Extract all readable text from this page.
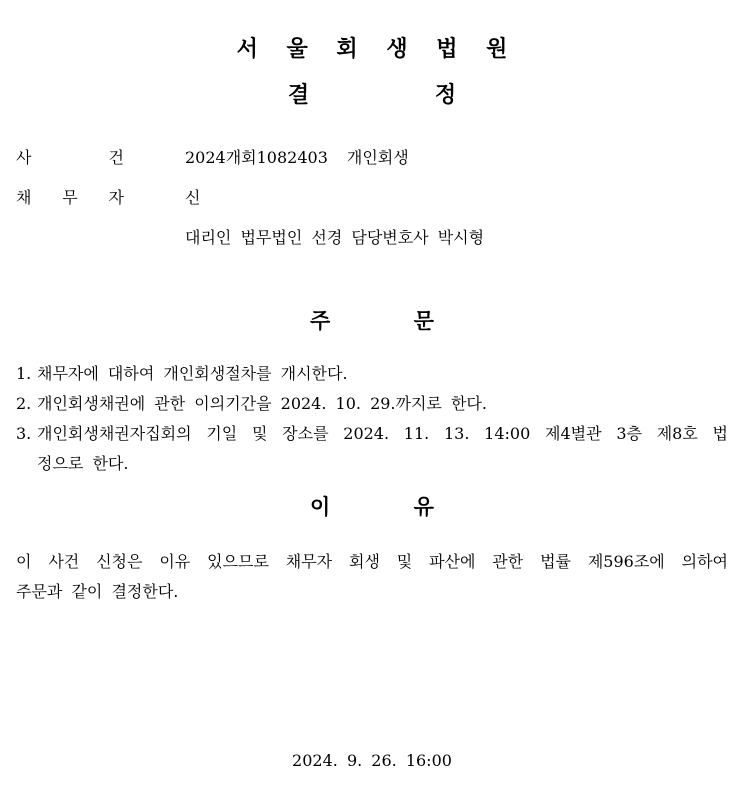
서 울 회 생 법 원
결 정
사 건	2024개회1082403 개인회생
채 무 자	신
대리인 법무법인 선경 담당변호사 박시형
주 문
1. 채무자에 대하여 개인회생절차를 개시한다.
2. 개인회생채권에 관한 이의기간을 2024. 10. 29.까지로 한다.
3. 개인회생채권자집회의 기일 및 장소를 2024. 11. 13. 14:00 제4별관 3층 제8호 법
정으로 한다.
이 유
이 사건 신청은 이유 있으므로 채무자 회생 및 파산에 관한 법률 제596조에 의하여
주문과 같이 결정한다.
2024. 9. 26. 16:00
